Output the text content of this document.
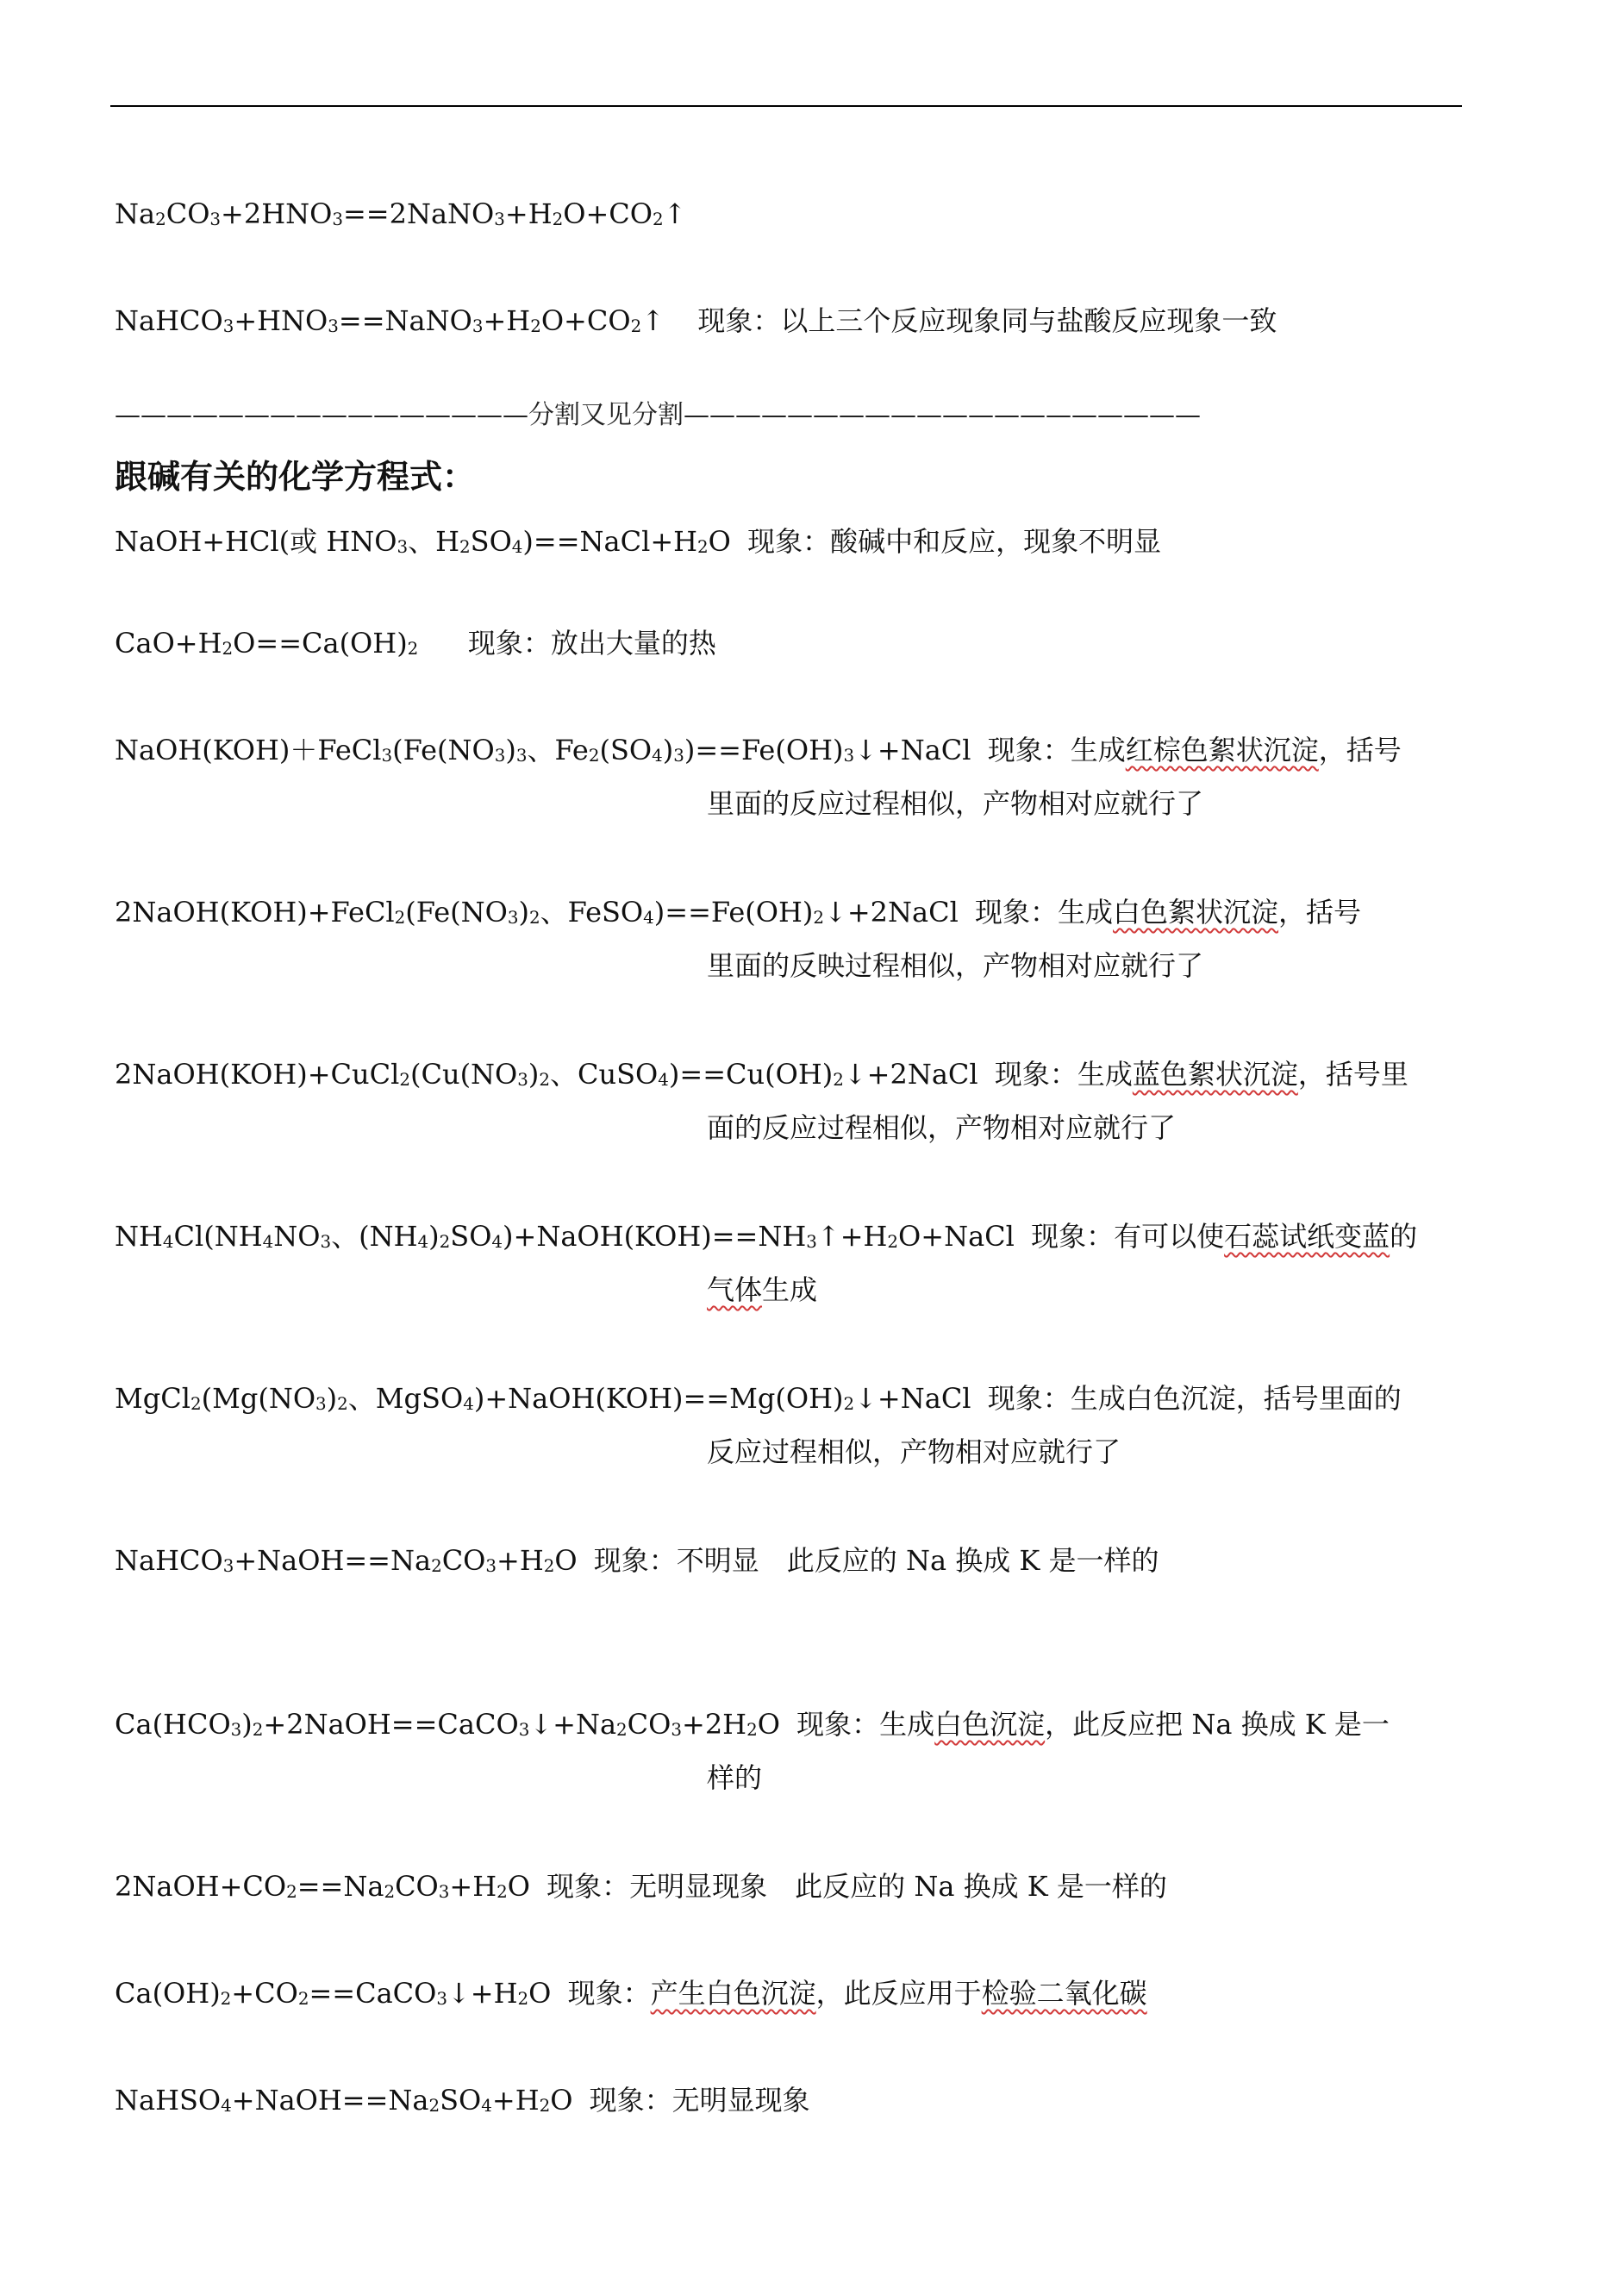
$Na_2CO_3+2HNO_3==2NaNO_3+H_2O+CO_2↑$
$NaHCO_3+HNO_3==NaNO_3+H_2O+CO_2↑$ 现象：以上三个反应现象同与盐酸反应现象一致
————————————————分割又见分割————————————————————
跟碱有关的化学方程式：
NaOH+HCl(或 $HNO_3$、$H_2SO_4)==NaCl+H_2O$ 现象：酸碱中和反应，现象不明显
$CaO+H_2O==Ca(OH)_2$ 现象：放出大量的热
$NaOH(KOH)+FeCl_3(Fe(NO_3)_3$、$Fe_2(SO_4)_3)==Fe(OH)_3↓+NaCl$ 现象：生成红棕色絮状沉淀，括号
里面的反应过程相似，产物相对应就行了
$2NaOH(KOH)+FeCl_2(Fe(NO_3)_2$、$FeSO_4)==Fe(OH)_2↓+2NaCl$ 现象：生成白色絮状沉淀，括号
里面的反映过程相似，产物相对应就行了
$2NaOH(KOH)+CuCl_2(Cu(NO_3)_2$、$CuSO_4)==Cu(OH)_2↓+2NaCl$ 现象：生成蓝色絮状沉淀，括号里
面的反应过程相似，产物相对应就行了
$NH_4Cl(NH_4NO_3$、$(NH_4)_2SO_4)+NaOH(KOH)==NH_3↑+H_2O+NaCl$ 现象：有可以使石蕊试纸变蓝的
气体生成
$MgCl_2(Mg(NO_3)_2$、$MgSO_4)+NaOH(KOH)==Mg(OH)_2↓+NaCl$ 现象：生成白色沉淀，括号里面的
反应过程相似，产物相对应就行了
$NaHCO_3+NaOH==Na_2CO_3+H_2O$ 现象：不明显　此反应的 Na 换成 K 是一样的
$Ca(HCO_3)_2+2NaOH==CaCO_3↓+Na_2CO_3+2H_2O$ 现象：生成白色沉淀，此反应把 Na 换成 K 是一
样的
$2NaOH+CO_2==Na_2CO_3+H_2O$ 现象：无明显现象　此反应的 Na 换成 K 是一样的
$Ca(OH)_2+CO_2==CaCO_3↓+H_2O$ 现象：产生白色沉淀，此反应用于检验二氧化碳
$NaHSO_4+NaOH==Na_2SO_4+H_2O$ 现象：无明显现象
